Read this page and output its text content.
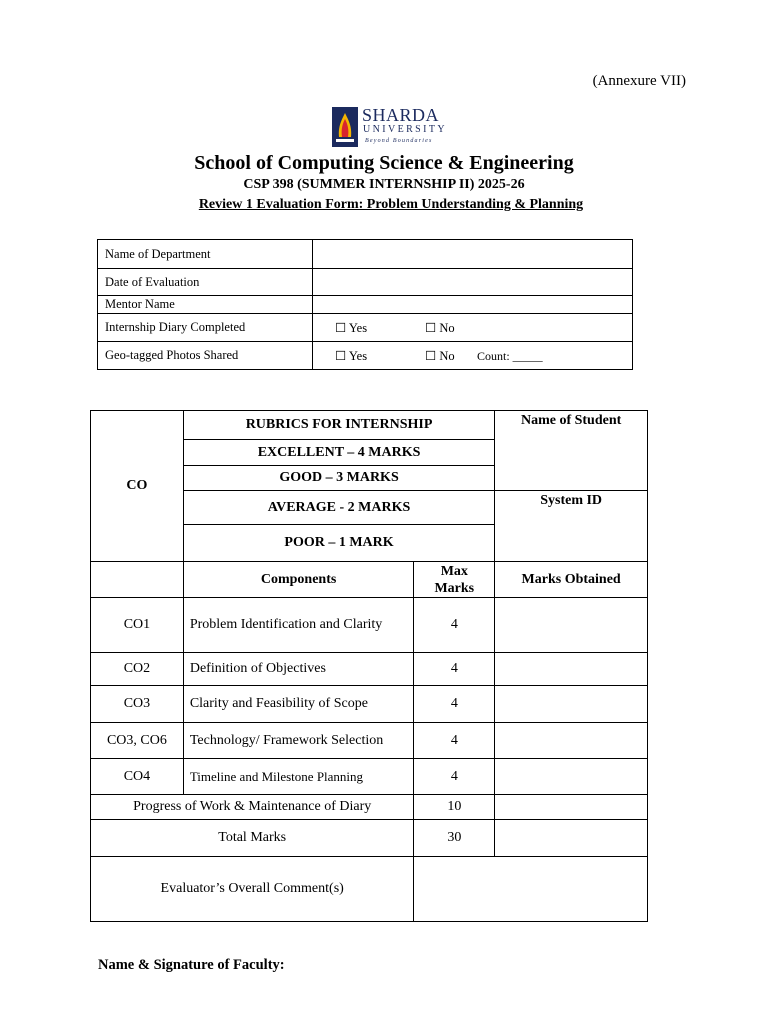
(Annexure VII)
SHARDA
UNIVERSITY
Beyond Boundaries
School of Computing Science & Engineering
CSP 398 (SUMMER INTERNSHIP II) 2025-26
Review 1 Evaluation Form: Problem Understanding & Planning
Name of Department	
Date of Evaluation	
Mentor Name	
Internship Diary Completed	☐ Yes ☐ No
Geo-tagged Photos Shared	☐ Yes ☐ No Count: _____
CO	RUBRICS FOR INTERNSHIP		Name of Student
	EXCELLENT – 4 MARKS		
	GOOD – 3 MARKS		
	AVERAGE - 2 MARKS		System ID
	POOR – 1 MARK		
	Components	Max Marks	Marks Obtained
CO1	Problem Identification and Clarity	4	
CO2	Definition of Objectives	4	
CO3	Clarity and Feasibility of Scope	4	
CO3, CO6	Technology/ Framework Selection	4	
CO4	Timeline and Milestone Planning	4	
Progress of Work & Maintenance of Diary		10	
Total Marks		30	
Evaluator’s Overall Comment(s)			
Name & Signature of Faculty:
